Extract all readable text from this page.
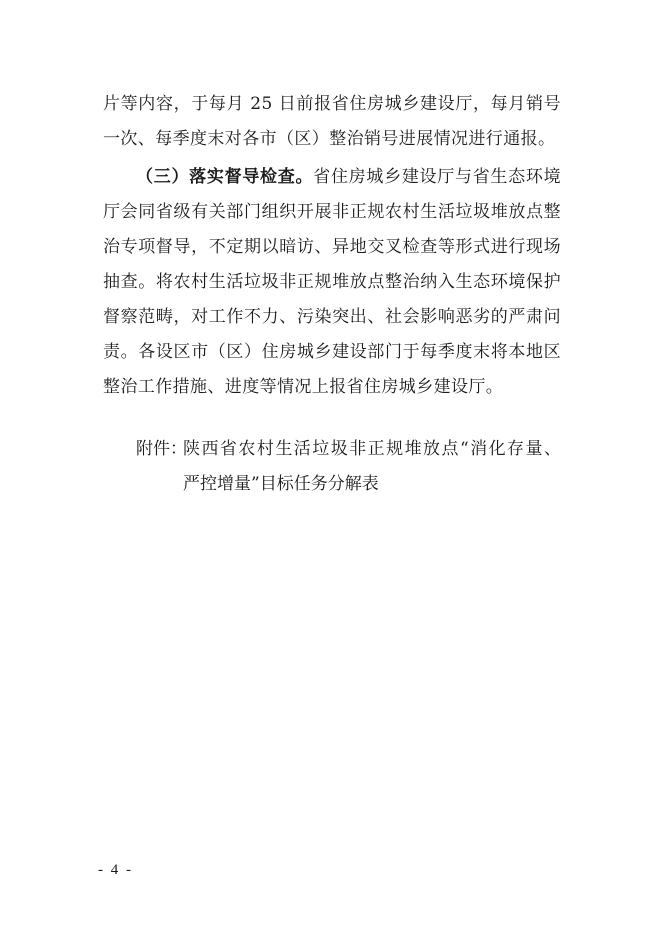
片等内容，于每月 25 日前报省住房城乡建设厅，每月销号
一次、每季度末对各市（区）整治销号进展情况进行通报。
（三）落实督导检查。省住房城乡建设厅与省生态环境
厅会同省级有关部门组织开展非正规农村生活垃圾堆放点整
治专项督导，不定期以暗访、异地交叉检查等形式进行现场
抽查。将农村生活垃圾非正规堆放点整治纳入生态环境保护
督察范畴，对工作不力、污染突出、社会影响恶劣的严肃问
责。各设区市（区）住房城乡建设部门于每季度末将本地区
整治工作措施、进度等情况上报省住房城乡建设厅。
附件：
陕西省农村生活垃圾非正规堆放点“消化存量、
严控增量”目标任务分解表
- 4 -
